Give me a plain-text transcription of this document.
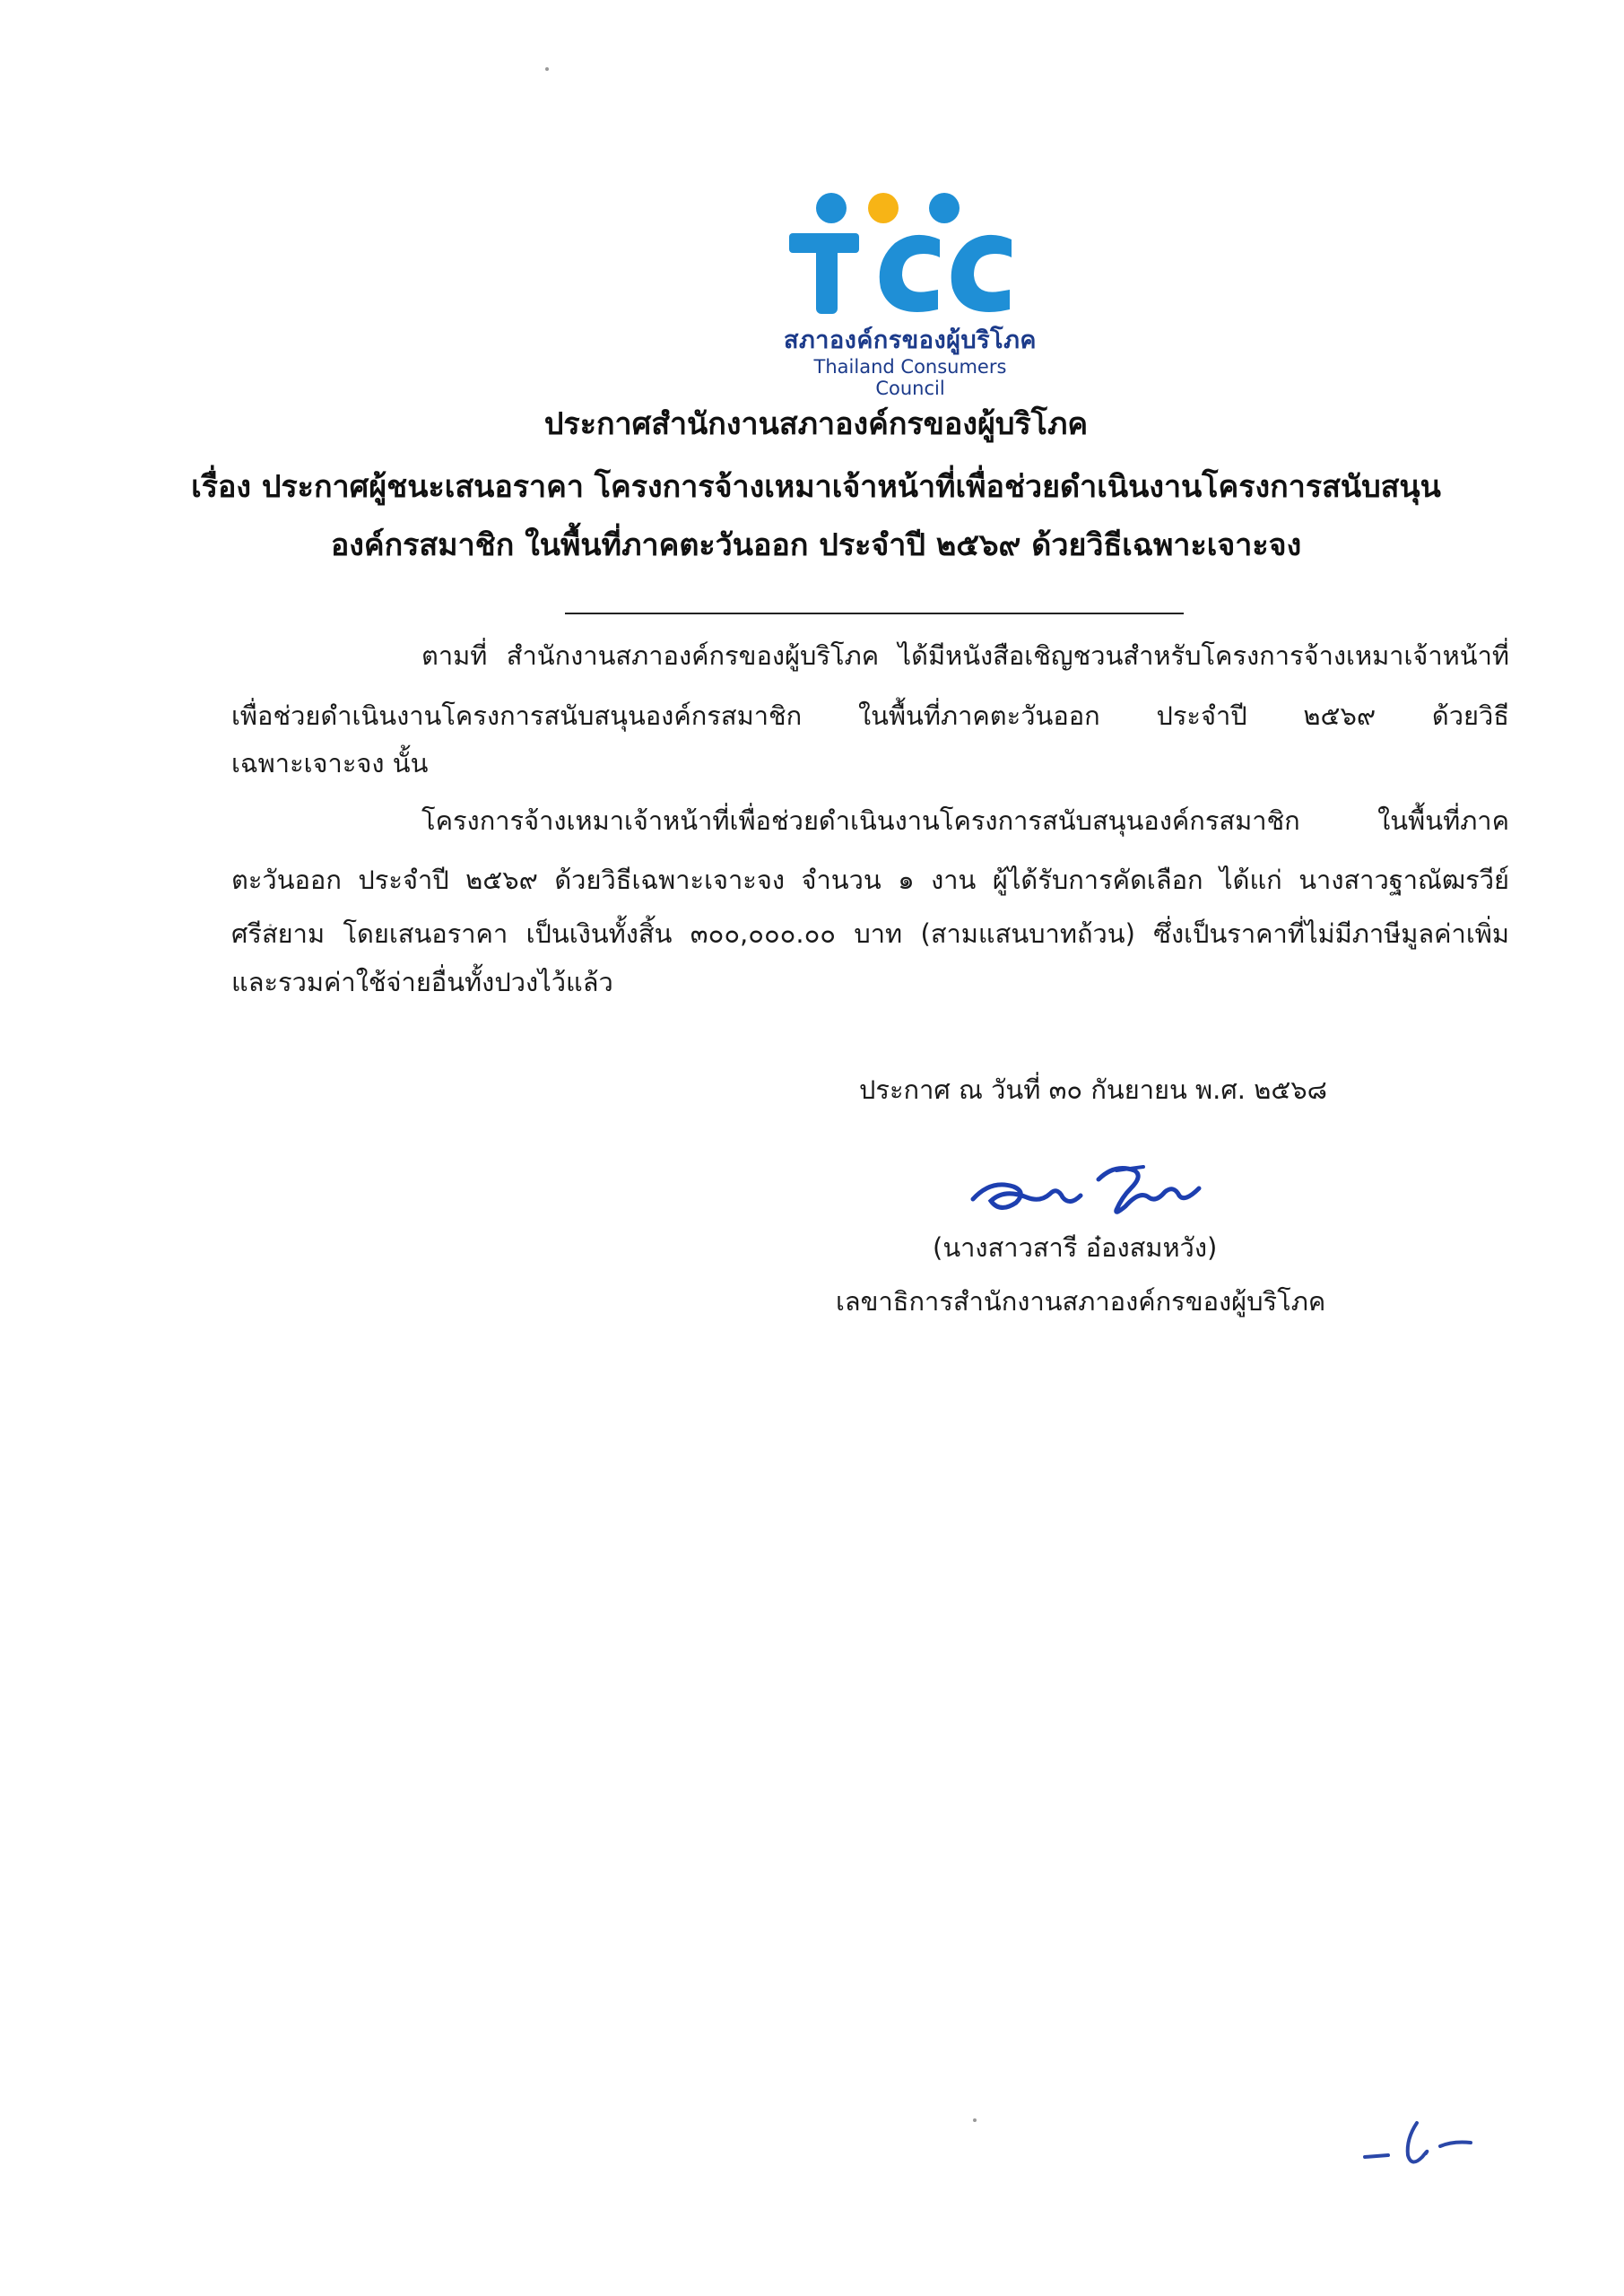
สภาองค์กรของผู้บริโภค
Thailand Consumers Council
ประกาศสำนักงานสภาองค์กรของผู้บริโภค
เรื่อง ประกาศผู้ชนะเสนอราคา โครงการจ้างเหมาเจ้าหน้าที่เพื่อช่วยดำเนินงานโครงการสนับสนุน
องค์กรสมาชิก ในพื้นที่ภาคตะวันออก ประจำปี ๒๕๖๙ ด้วยวิธีเฉพาะเจาะจง
ตามที่ สำนักงานสภาองค์กรของผู้บริโภค ได้มีหนังสือเชิญชวนสำหรับโครงการจ้างเหมาเจ้าหน้าที่
เพื่อช่วยดำเนินงานโครงการสนับสนุนองค์กรสมาชิก ในพื้นที่ภาคตะวันออก ประจำปี ๒๕๖๙ ด้วยวิธี
เฉพาะเจาะจง นั้น
โครงการจ้างเหมาเจ้าหน้าที่เพื่อช่วยดำเนินงานโครงการสนับสนุนองค์กรสมาชิก ในพื้นที่ภาค
ตะวันออก ประจำปี ๒๕๖๙ ด้วยวิธีเฉพาะเจาะจง จำนวน ๑ งาน ผู้ได้รับการคัดเลือก ได้แก่ นางสาวฐาณัฒรวีย์
ศรีสยาม โดยเสนอราคา เป็นเงินทั้งสิ้น ๓๐๐,๐๐๐.๐๐ บาท (สามแสนบาทถ้วน) ซึ่งเป็นราคาที่ไม่มีภาษีมูลค่าเพิ่ม
และรวมค่าใช้จ่ายอื่นทั้งปวงไว้แล้ว
ประกาศ ณ วันที่ ๓๐ กันยายน พ.ศ. ๒๕๖๘
(นางสาวสารี อ๋องสมหวัง)
เลขาธิการสำนักงานสภาองค์กรของผู้บริโภค
